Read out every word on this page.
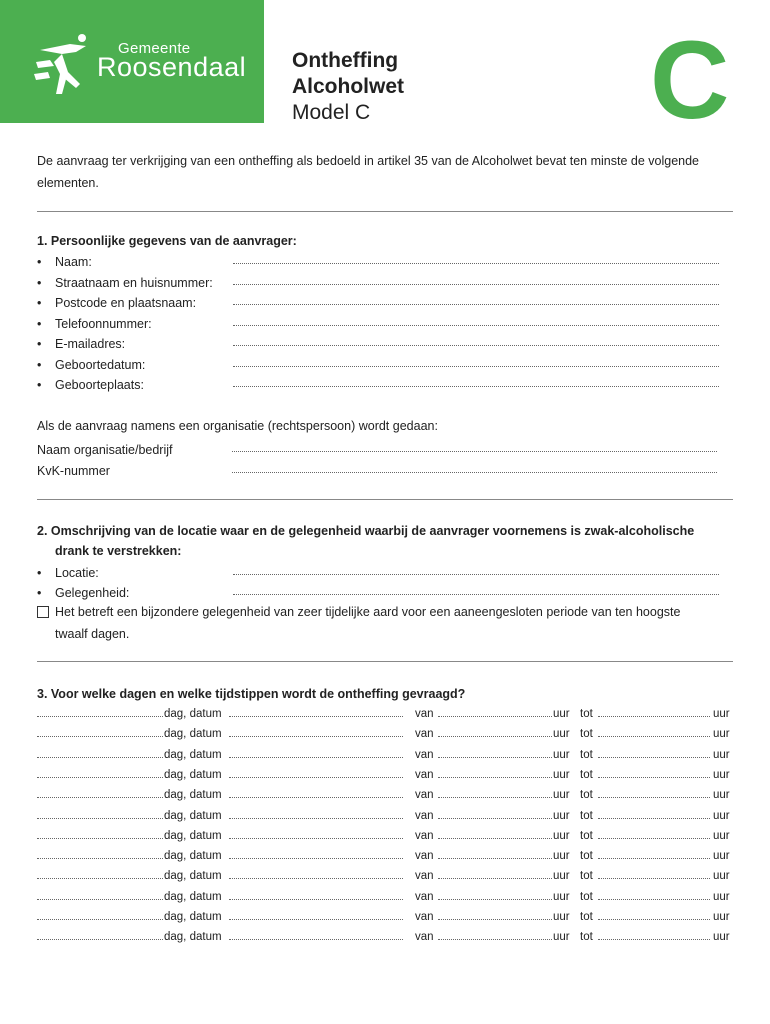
Gemeente
Roosendaal Ontheffing
Alcoholwet
Model C	C
De aanvraag ter verkrijging van een ontheffing als bedoeld in artikel 35 van de Alcoholwet bevat ten minste de volgende elementen.
1. Persoonlijke gegevens van de aanvrager:
• Naam:
• Straatnaam en huisnummer:
• Postcode en plaatsnaam:
• Telefoonnummer:
• E-mailadres:
• Geboortedatum:
• Geboorteplaats:
Als de aanvraag namens een organisatie (rechtspersoon) wordt gedaan:
Naam organisatie/bedrijf
KvK-nummer
2. Omschrijving van de locatie waar en de gelegenheid waarbij de aanvrager voornemens is zwak-alcoholische
drank te verstrekken:
• Locatie:
• Gelegenheid:
Het betreft een bijzondere gelegenheid van zeer tijdelijke aard voor een aaneengesloten periode van ten hoogste
twaalf dagen.
3. Voor welke dagen en welke tijdstippen wordt de ontheffing gevraagd?
dag, datum	van	uur tot	uur
dag, datum	van	uur tot	uur
dag, datum	van	uur tot	uur
dag, datum	van	uur tot	uur
dag, datum	van	uur tot	uur
dag, datum	van	uur tot	uur
dag, datum	van	uur tot	uur
dag, datum	van	uur tot	uur
dag, datum	van	uur tot	uur
dag, datum	van	uur tot	uur
dag, datum	van	uur tot	uur
dag, datum	van	uur tot	uur
